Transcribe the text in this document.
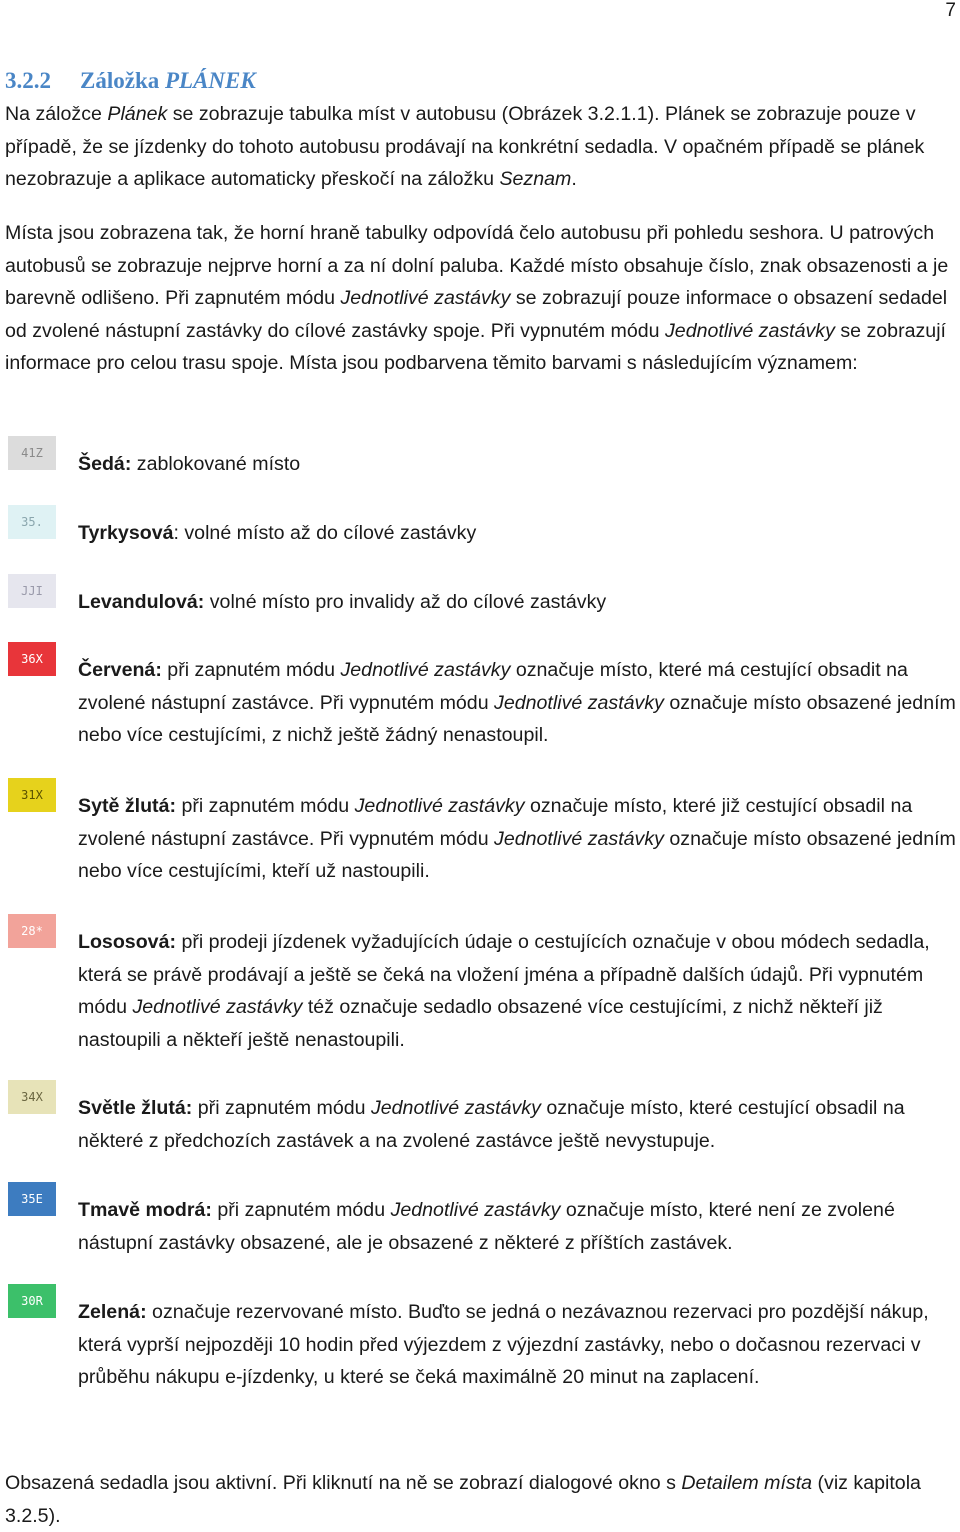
7
3.2.2 Záložka PLÁNEK

Na záložce Plánek se zobrazuje tabulka míst v autobusu (Obrázek 3.2.1.1). Plánek se zobrazuje pouze v případě, že se jízdenky do tohoto autobusu prodávají na konkrétní sedadla. V opačném případě se plánek nezobrazuje a aplikace automaticky přeskočí na záložku Seznam.

Místa jsou zobrazena tak, že horní hraně tabulky odpovídá čelo autobusu při pohledu seshora. U patrových autobusů se zobrazuje nejprve horní a za ní dolní paluba. Každé místo obsahuje číslo, znak obsazenosti a je barevně odlišeno. Při zapnutém módu Jednotlivé zastávky se zobrazují pouze informace o obsazení sedadel od zvolené nástupní zastávky do cílové zastávky spoje. Při vypnutém módu Jednotlivé zastávky se zobrazují informace pro celou trasu spoje. Místa jsou podbarvena těmito barvami s následujícím významem:

41Z	Šedá: zablokované místo

35.	Tyrkysová: volné místo až do cílové zastávky

JJI	Levandulová: volné místo pro invalidy až do cílové zastávky

36X	Červená: při zapnutém módu Jednotlivé zastávky označuje místo, které má cestující obsadit na zvolené nástupní zastávce. Při vypnutém módu Jednotlivé zastávky označuje místo obsazené jedním nebo více cestujícími, z nichž ještě žádný nenastoupil.

31X	Sytě žlutá: při zapnutém módu Jednotlivé zastávky označuje místo, které již cestující obsadil na zvolené nástupní zastávce. Při vypnutém módu Jednotlivé zastávky označuje místo obsazené jedním nebo více cestujícími, kteří už nastoupili.

28*	Lososová: při prodeji jízdenek vyžadujících údaje o cestujících označuje v obou módech sedadla, která se právě prodávají a ještě se čeká na vložení jména a případně dalších údajů. Při vypnutém módu Jednotlivé zastávky též označuje sedadlo obsazené více cestujícími, z nichž někteří již nastoupili a někteří ještě nenastoupili.

34X	Světle žlutá: při zapnutém módu Jednotlivé zastávky označuje místo, které cestující obsadil na některé z předchozích zastávek a na zvolené zastávce ještě nevystupuje.

35E	Tmavě modrá: při zapnutém módu Jednotlivé zastávky označuje místo, které není ze zvolené nástupní zastávky obsazené, ale je obsazené z některé z příštích zastávek.

30R	Zelená: označuje rezervované místo. Buďto se jedná o nezávaznou rezervaci pro pozdější nákup, která vyprší nejpozději 10 hodin před výjezdem z výjezdní zastávky, nebo o dočasnou rezervaci v průběhu nákupu e-jízdenky, u které se čeká maximálně 20 minut na zaplacení.

Obsazená sedadla jsou aktivní. Při kliknutí na ně se zobrazí dialogové okno s Detailem místa (viz kapitola 3.2.5).
